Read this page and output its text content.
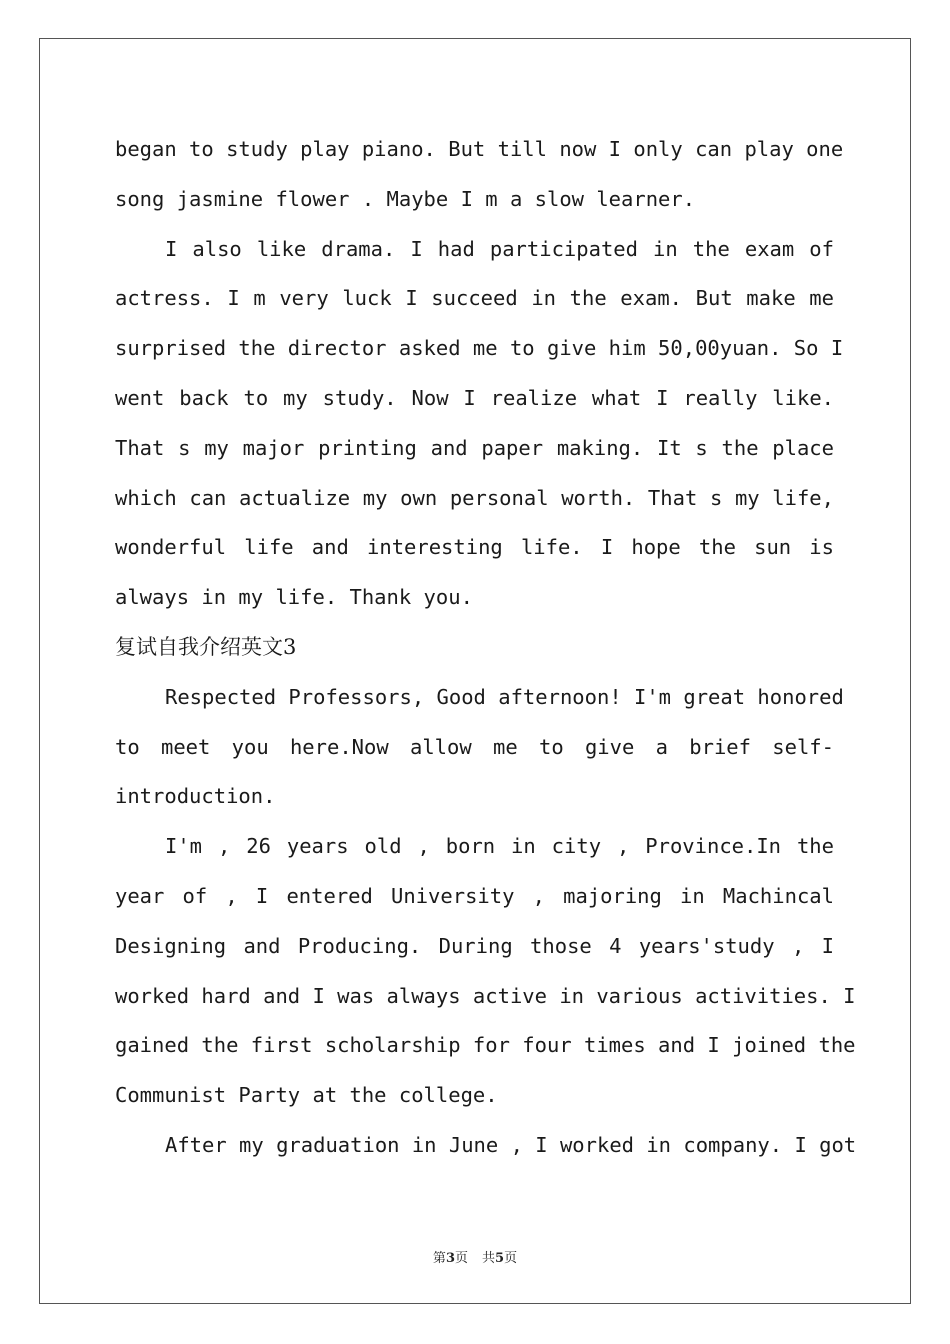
began to study play piano. But till now I only can play one
song jasmine flower . Maybe I m a slow learner.
I also like drama. I had participated in the exam of
actress. I m very luck I succeed in the exam. But make me
surprised the director asked me to give him 50,00yuan. So I
went back to my study. Now I realize what I really like.
That s my major printing and paper making. It s the place
which can actualize my own personal worth. That s my life,
wonderful life and interesting life. I hope the sun is
always in my life. Thank you.
复试自我介绍英文3
Respected Professors, Good afternoon! I'm great honored
to meet you here.Now allow me to give a brief self-
introduction.
I'm , 26 years old , born in city , Province.In the
year of , I entered University , majoring in Machincal
Designing and Producing. During those 4 years'study , I
worked hard and I was always active in various activities. I
gained the first scholarship for four times and I joined the
Communist Party at the college.
After my graduation in June , I worked in company. I got
第3页 共5页
